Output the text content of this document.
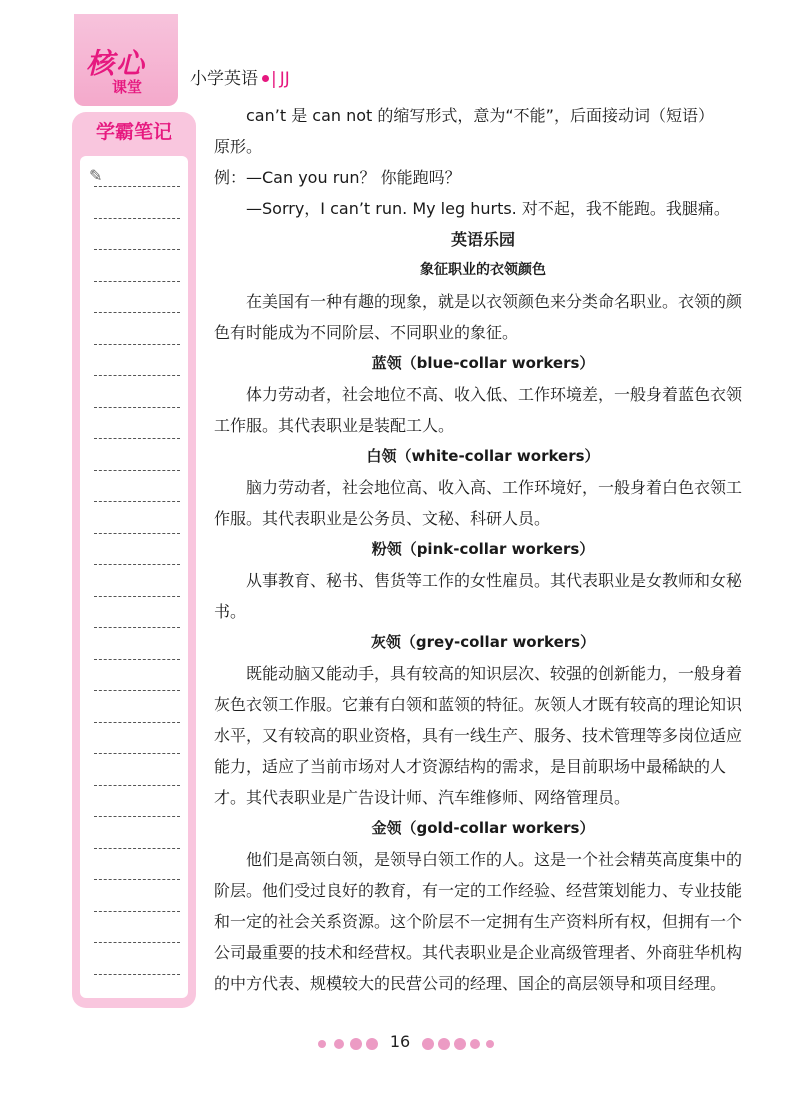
核心
课堂	小学英语 | JJ
学霸笔记
✎

can’t 是 can not 的缩写形式，意为“不能”，后面接动词（短语）

原形。

例：—Can you run？ 你能跑吗？

—Sorry，I can’t run. My leg hurts. 对不起，我不能跑。我腿痛。

英语乐园

象征职业的衣领颜色

在美国有一种有趣的现象，就是以衣领颜色来分类命名职业。衣领的颜色有时能成为不同阶层、不同职业的象征。

蓝领（blue-collar workers）

体力劳动者，社会地位不高、收入低、工作环境差，一般身着蓝色衣领工作服。其代表职业是装配工人。

白领（white-collar workers）

脑力劳动者，社会地位高、收入高、工作环境好，一般身着白色衣领工作服。其代表职业是公务员、文秘、科研人员。

粉领（pink-collar workers）

从事教育、秘书、售货等工作的女性雇员。其代表职业是女教师和女秘书。

灰领（grey-collar workers）

既能动脑又能动手，具有较高的知识层次、较强的创新能力，一般身着灰色衣领工作服。它兼有白领和蓝领的特征。灰领人才既有较高的理论知识水平，又有较高的职业资格，具有一线生产、服务、技术管理等多岗位适应能力，适应了当前市场对人才资源结构的需求，是目前职场中最稀缺的人才。其代表职业是广告设计师、汽车维修师、网络管理员。

金领（gold-collar workers）

他们是高领白领，是领导白领工作的人。这是一个社会精英高度集中的阶层。他们受过良好的教育，有一定的工作经验、经营策划能力、专业技能和一定的社会关系资源。这个阶层不一定拥有生产资料所有权，但拥有一个公司最重要的技术和经营权。其代表职业是企业高级管理者、外商驻华机构的中方代表、规模较大的民营公司的经理、国企的高层领导和项目经理。

16
